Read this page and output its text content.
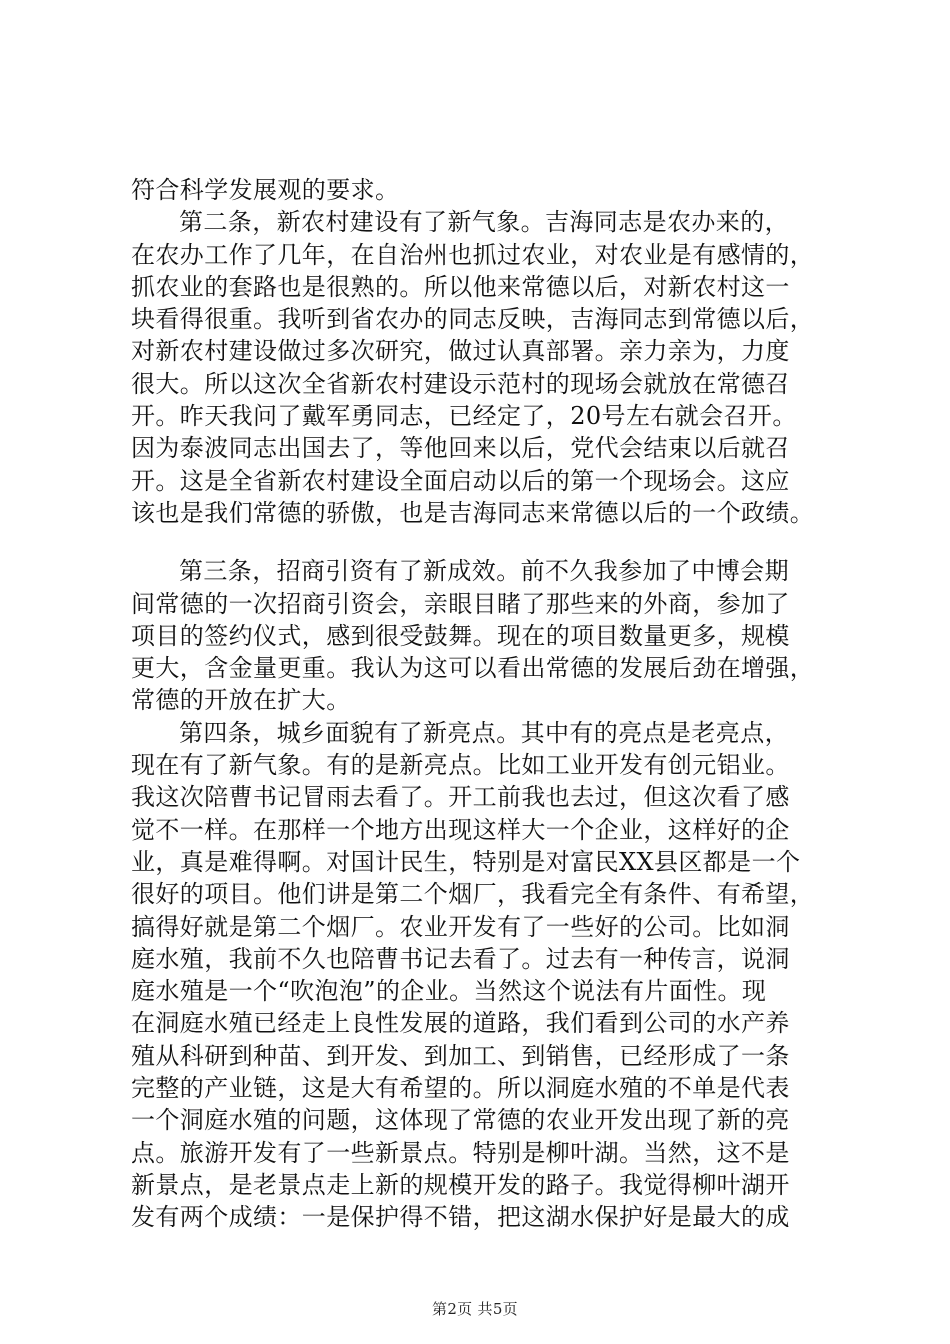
符合科学发展观的要求。
第二条，新农村建设有了新气象。吉海同志是农办来的，
在农办工作了几年，在自治州也抓过农业，对农业是有感情的，
抓农业的套路也是很熟的。所以他来常德以后，对新农村这一
块看得很重。我听到省农办的同志反映，吉海同志到常德以后，
对新农村建设做过多次研究，做过认真部署。亲力亲为，力度
很大。所以这次全省新农村建设示范村的现场会就放在常德召
开。昨天我问了戴军勇同志，已经定了，20号左右就会召开。
因为泰波同志出国去了，等他回来以后，党代会结束以后就召
开。这是全省新农村建设全面启动以后的第一个现场会。这应
该也是我们常德的骄傲，也是吉海同志来常德以后的一个政绩。
第三条，招商引资有了新成效。前不久我参加了中博会期
间常德的一次招商引资会，亲眼目睹了那些来的外商，参加了
项目的签约仪式，感到很受鼓舞。现在的项目数量更多，规模
更大，含金量更重。我认为这可以看出常德的发展后劲在增强，
常德的开放在扩大。
第四条，城乡面貌有了新亮点。其中有的亮点是老亮点，
现在有了新气象。有的是新亮点。比如工业开发有创元铝业。
我这次陪曹书记冒雨去看了。开工前我也去过，但这次看了感
觉不一样。在那样一个地方出现这样大一个企业，这样好的企
业，真是难得啊。对国计民生，特别是对富民XX县区都是一个
很好的项目。他们讲是第二个烟厂，我看完全有条件、有希望，
搞得好就是第二个烟厂。农业开发有了一些好的公司。比如洞
庭水殖，我前不久也陪曹书记去看了。过去有一种传言，说洞
庭水殖是一个“吹泡泡”的企业。当然这个说法有片面性。现
在洞庭水殖已经走上良性发展的道路，我们看到公司的水产养
殖从科研到种苗、到开发、到加工、到销售，已经形成了一条
完整的产业链，这是大有希望的。所以洞庭水殖的不单是代表
一个洞庭水殖的问题，这体现了常德的农业开发出现了新的亮
点。旅游开发有了一些新景点。特别是柳叶湖。当然，这不是
新景点，是老景点走上新的规模开发的路子。我觉得柳叶湖开
发有两个成绩：一是保护得不错，把这湖水保护好是最大的成
第2页 共5页
